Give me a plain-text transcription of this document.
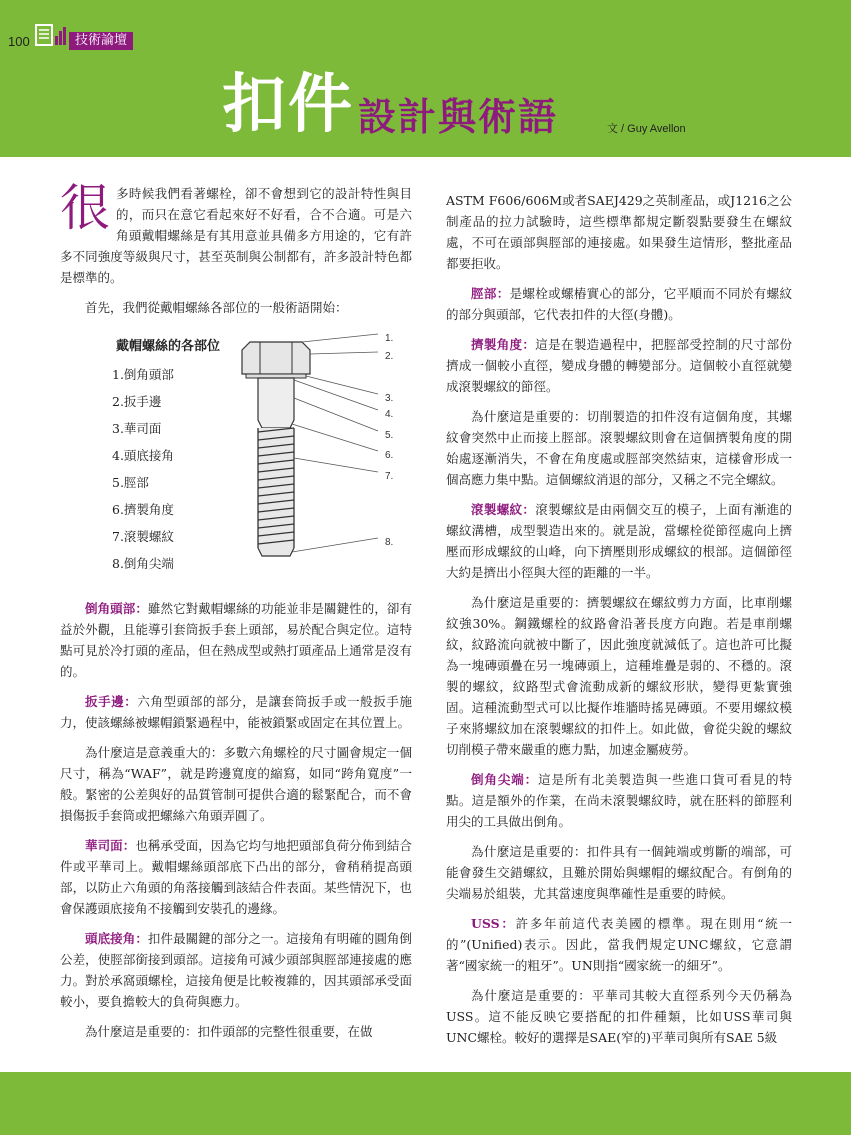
100	技術論壇
扣件 設計與術語	文 / Guy Avellon

很多時候我們看著螺栓，卻不會想到它的設計特性與目的，而只在意它看起來好不好看，合不合適。可是六角頭戴帽螺絲是有其用意並具備多方用途的，它有許多不同強度等級與尺寸，甚至英制與公制都有，許多設計特色都是標準的。

首先，我們從戴帽螺絲各部位的一般術語開始：

戴帽螺絲的各部位
1.倒角頭部
2.扳手邊
3.華司面
4.頭底接角
5.脛部
6.擠製角度
7.滾製螺紋
8.倒角尖端
1.
2.
3.
4.
5.
6.
7.
8.

倒角頭部：雖然它對戴帽螺絲的功能並非是關鍵性的，卻有益於外觀，且能導引套筒扳手套上頭部，易於配合與定位。這特點可見於冷打頭的產品，但在熱成型或熱打頭產品上通常是沒有的。

扳手邊：六角型頭部的部分，是讓套筒扳手或一般扳手施力，使該螺絲被螺帽鎖緊過程中，能被鎖緊或固定在其位置上。

為什麼這是意義重大的：多數六角螺栓的尺寸圖會規定一個尺寸，稱為“WAF”，就是跨邊寬度的縮寫，如同“跨角寬度”一般。緊密的公差與好的品質管制可提供合適的鬆緊配合，而不會損傷扳手套筒或把螺絲六角頭弄圓了。

華司面：也稱承受面，因為它均勻地把頭部負荷分佈到結合件或平華司上。戴帽螺絲頭部底下凸出的部分，會稍稍提高頭部，以防止六角頭的角落接觸到該結合件表面。某些情況下，也會保護頭底接角不接觸到安裝孔的邊緣。

頭底接角：扣件最關鍵的部分之一。這接角有明確的圓角倒公差，使脛部銜接到頭部。這接角可減少頭部與脛部連接處的應力。對於承窩頭螺栓，這接角便是比較複雜的，因其頭部承受面較小，要負擔較大的負荷與應力。

為什麼這是重要的：扣件頭部的完整性很重要，在做

ASTM F606/606M或者SAEJ429之英制產品，或J1216之公制產品的拉力試驗時，這些標準都規定斷裂點要發生在螺紋處，不可在頭部與脛部的連接處。如果發生這情形，整批產品都要拒收。

脛部：是螺栓或螺樁實心的部分，它平順而不同於有螺紋的部分與頭部，它代表扣件的大徑(身體)。

擠製角度：這是在製造過程中，把脛部受控制的尺寸部份擠成一個較小直徑，變成身體的轉變部分。這個較小直徑就變成滾製螺紋的節徑。

為什麼這是重要的：切削製造的扣件沒有這個角度，其螺紋會突然中止而接上脛部。滾製螺紋則會在這個擠製角度的開始處逐漸消失，不會在角度處或脛部突然結束，這樣會形成一個高應力集中點。這個螺紋消退的部分，又稱之不完全螺紋。

滾製螺紋：滾製螺紋是由兩個交互的模子，上面有漸進的螺紋溝槽，成型製造出來的。就是說，當螺栓從節徑處向上擠壓而形成螺紋的山峰，向下擠壓則形成螺紋的根部。這個節徑大約是擠出小徑與大徑的距離的一半。

為什麼這是重要的：擠製螺紋在螺紋剪力方面，比車削螺紋強30%。鋼鐵螺栓的紋路會沿著長度方向跑。若是車削螺紋，紋路流向就被中斷了，因此強度就減低了。這也許可比擬為一塊磚頭疊在另一塊磚頭上，這種堆疊是弱的、不穩的。滾製的螺紋，紋路型式會流動成新的螺紋形狀，變得更紮實強固。這種流動型式可以比擬作堆牆時搖晃磚頭。不要用螺紋模子來將螺紋加在滾製螺紋的扣件上。如此做，會從尖銳的螺紋切削模子帶來嚴重的應力點，加速金屬疲勞。

倒角尖端：這是所有北美製造與一些進口貨可看見的特點。這是額外的作業，在尚未滾製螺紋時，就在胚料的節脛利用尖的工具做出倒角。

為什麼這是重要的：扣件具有一個鈍端或剪斷的端部，可能會發生交錯螺紋，且難於開始與螺帽的螺紋配合。有倒角的尖端易於組裝，尤其當速度與準確性是重要的時候。

USS：許多年前這代表美國的標準。現在則用“統一的”(Unified)表示。因此，當我們規定UNC螺紋，它意謂著“國家統一的粗牙”。UN則指“國家統一的細牙”。

為什麼這是重要的：平華司其較大直徑系列今天仍稱為USS。這不能反映它要搭配的扣件種類，比如USS華司與UNC螺栓。較好的選擇是SAE(窄的)平華司與所有SAE 5級
